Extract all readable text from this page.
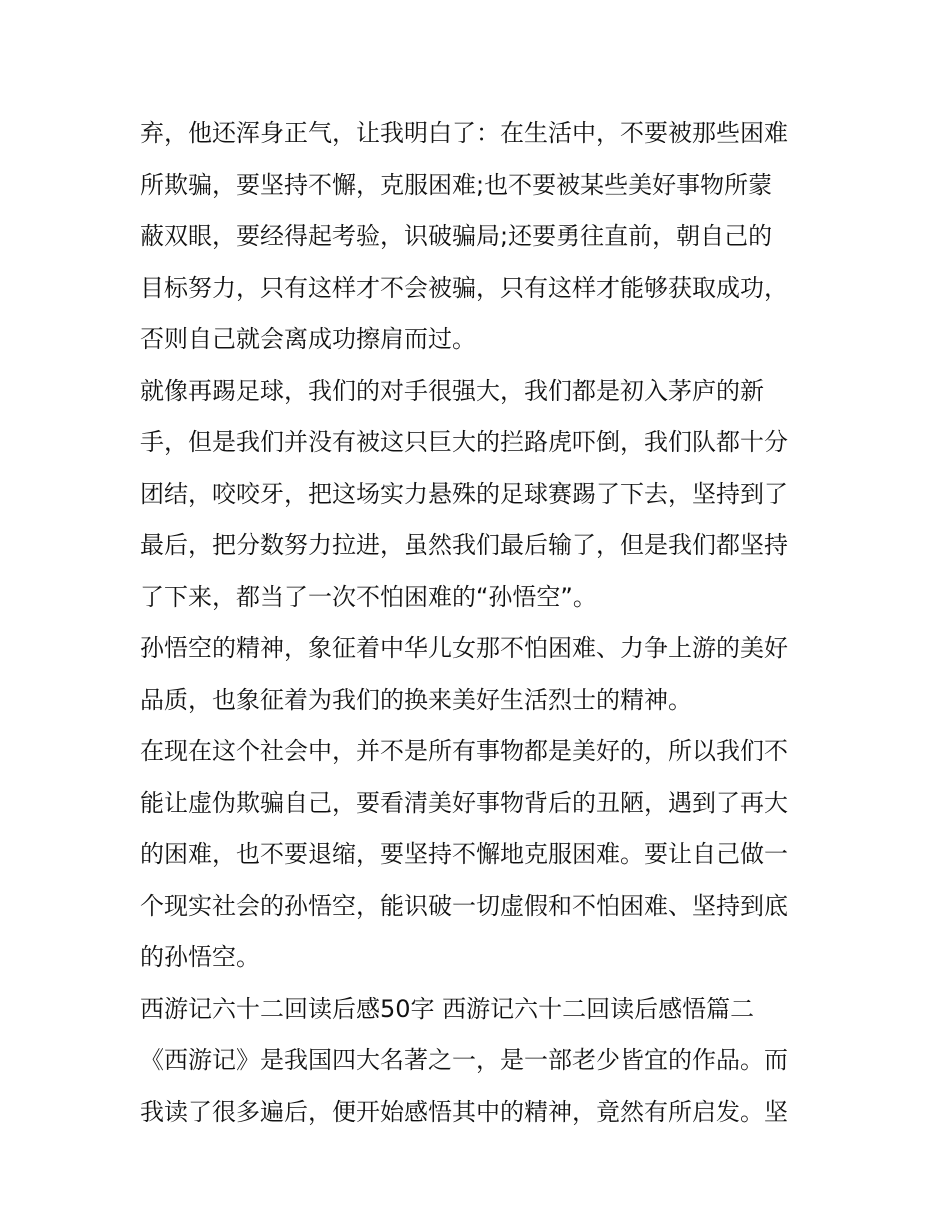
弃，他还浑身正气，让我明白了：在生活中，不要被那些困难
所欺骗，要坚持不懈，克服困难;也不要被某些美好事物所蒙
蔽双眼，要经得起考验，识破骗局;还要勇往直前，朝自己的
目标努力，只有这样才不会被骗，只有这样才能够获取成功，
否则自己就会离成功擦肩而过。
就像再踢足球，我们的对手很强大，我们都是初入茅庐的新
手，但是我们并没有被这只巨大的拦路虎吓倒，我们队都十分
团结，咬咬牙，把这场实力悬殊的足球赛踢了下去，坚持到了
最后，把分数努力拉进，虽然我们最后输了，但是我们都坚持
了下来，都当了一次不怕困难的“孙悟空”。
孙悟空的精神，象征着中华儿女那不怕困难、力争上游的美好
品质，也象征着为我们的换来美好生活烈士的精神。
在现在这个社会中，并不是所有事物都是美好的，所以我们不
能让虚伪欺骗自己，要看清美好事物背后的丑陋，遇到了再大
的困难，也不要退缩，要坚持不懈地克服困难。要让自己做一
个现实社会的孙悟空，能识破一切虚假和不怕困难、坚持到底
的孙悟空。
西游记六十二回读后感50字 西游记六十二回读后感悟篇二
《西游记》是我国四大名著之一，是一部老少皆宜的作品。而
我读了很多遍后，便开始感悟其中的精神，竟然有所启发。坚
